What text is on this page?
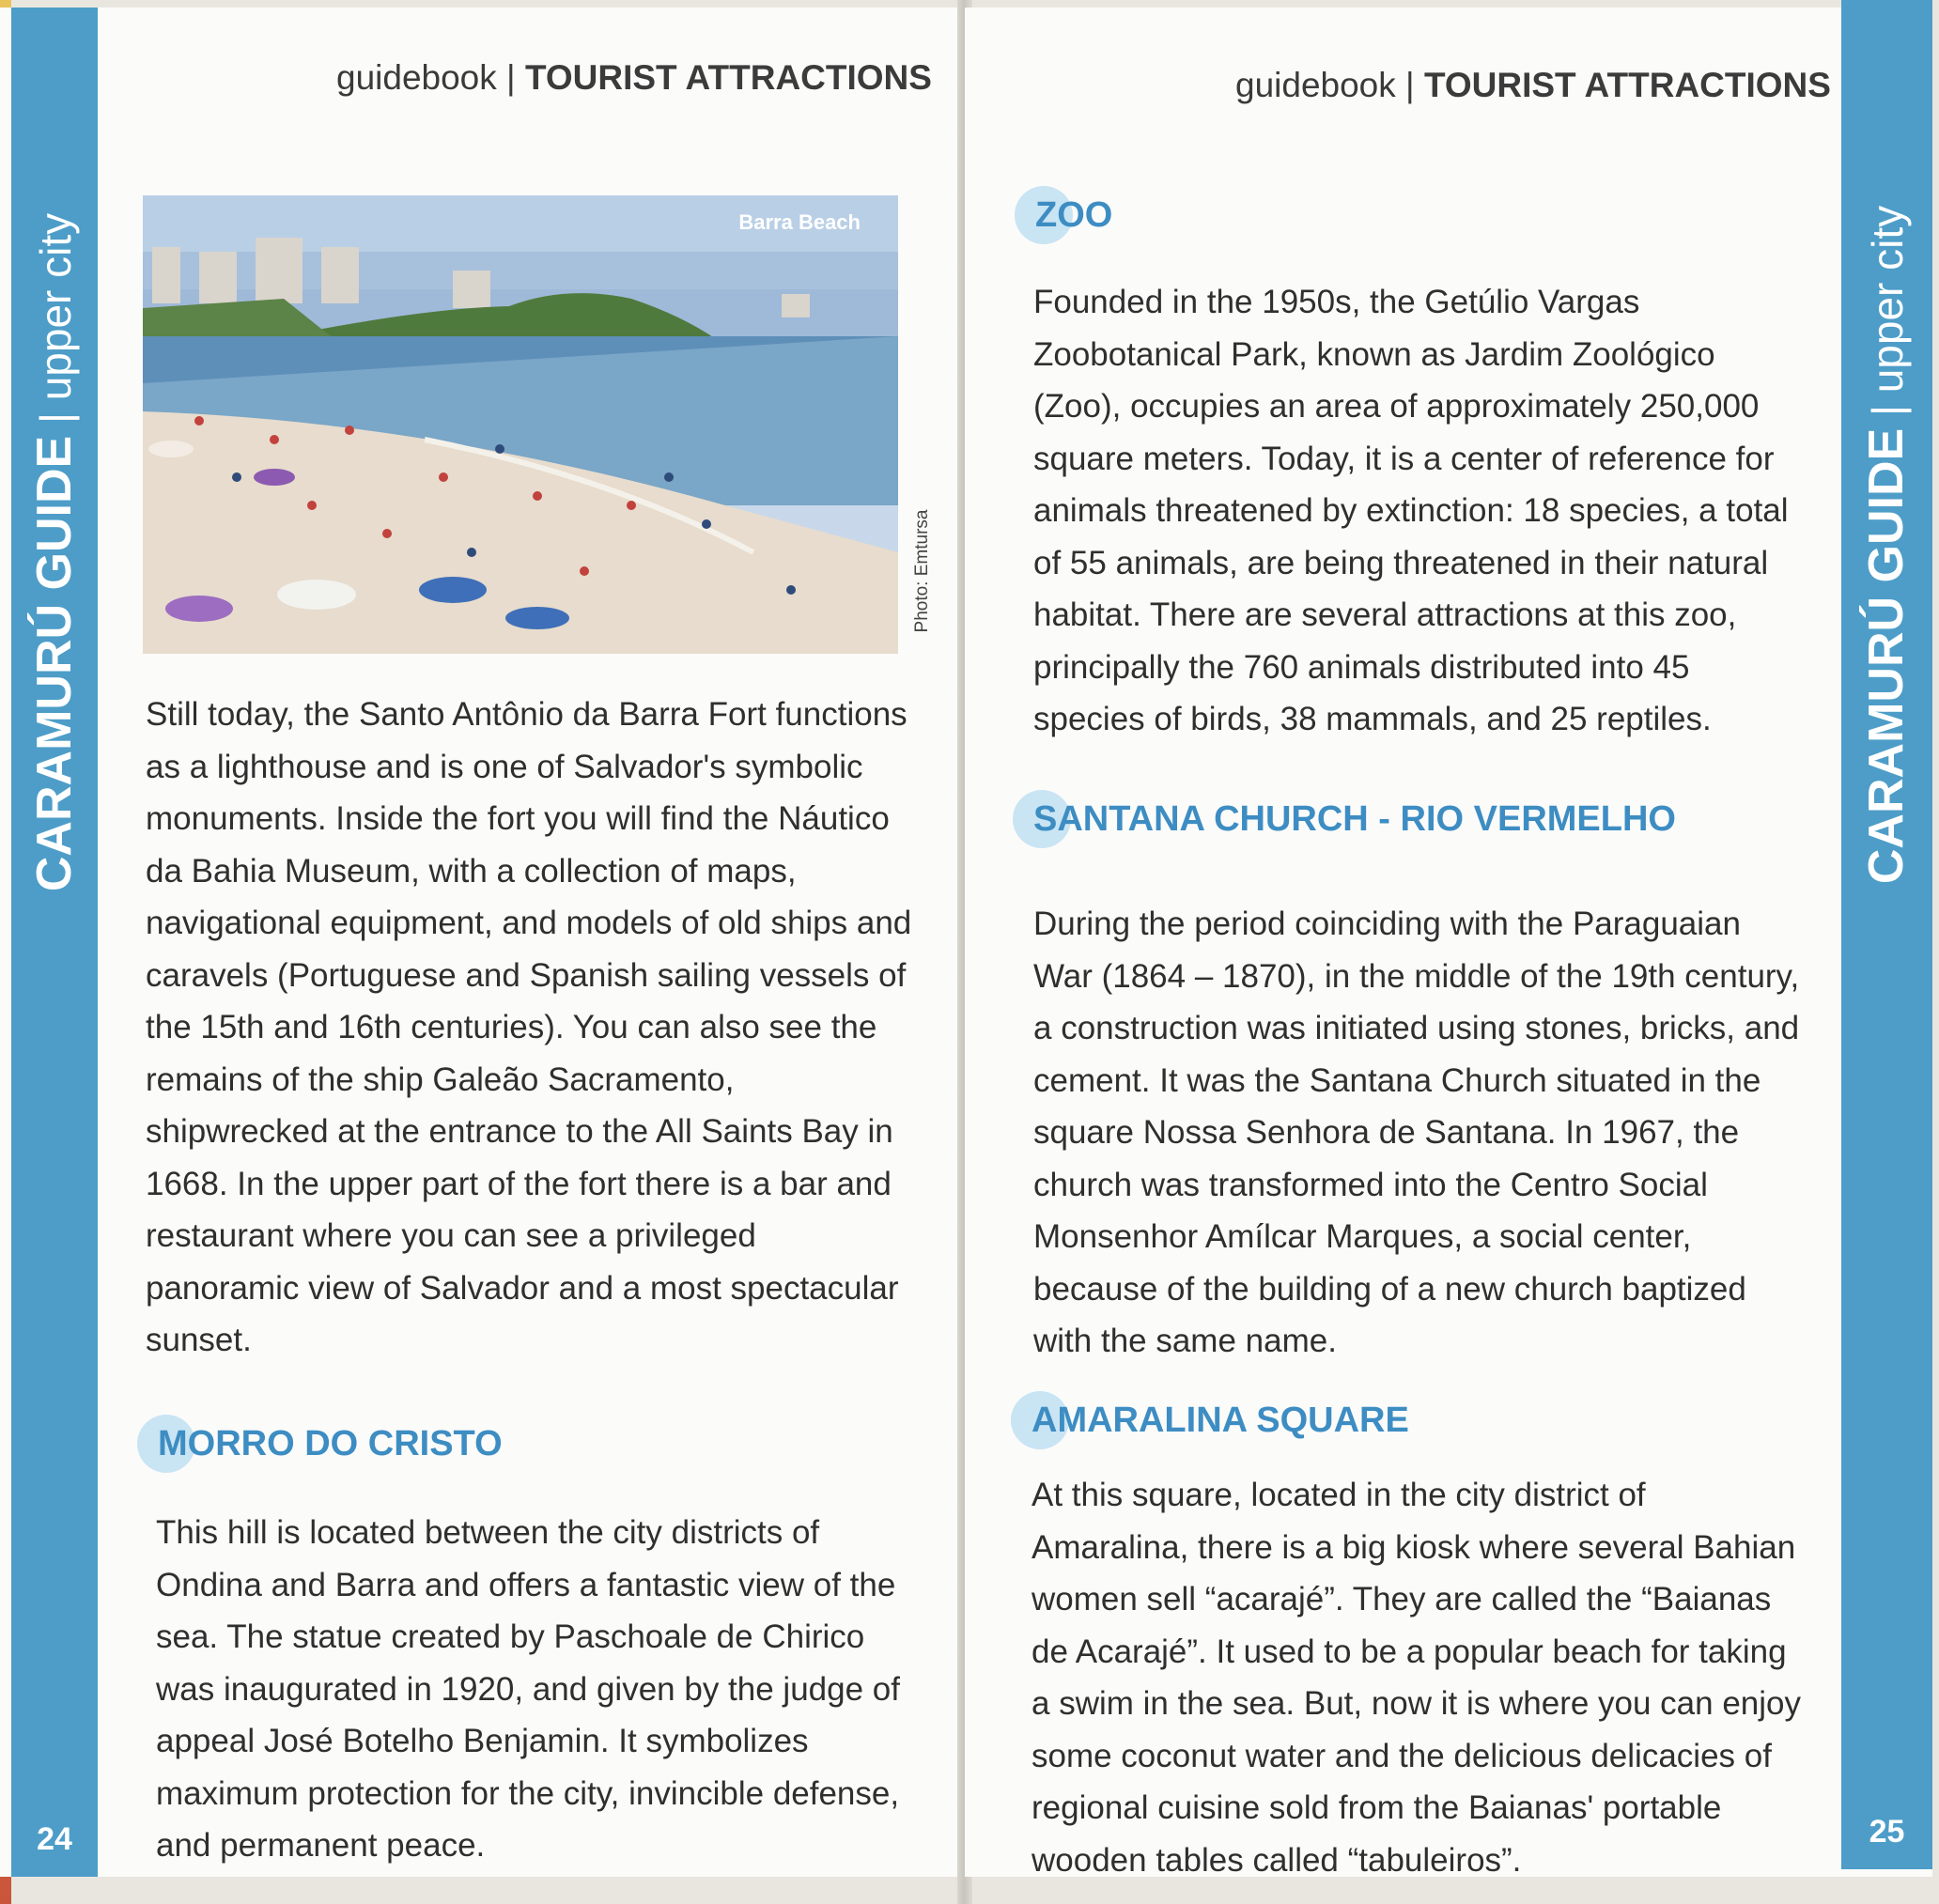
CARAMURÚ GUIDE | upper city
24
guidebook | TOURIST ATTRACTIONS
Barra Beach
Photo: Emtursa

Still today, the Santo Antônio da Barra Fort functions

as a lighthouse and is one of Salvador's symbolic

monuments. Inside the fort you will find the Náutico

da Bahia Museum, with a collection of maps,

navigational equipment, and models of old ships and

caravels (Portuguese and Spanish sailing vessels of

the 15th and 16th centuries). You can also see the

remains of the ship Galeão Sacramento,

shipwrecked at the entrance to the All Saints Bay in

1668. In the upper part of the fort there is a bar and

restaurant where you can see a privileged

panoramic view of Salvador and a most spectacular

sunset.

MORRO DO CRISTO

This hill is located between the city districts of

Ondina and Barra and offers a fantastic view of the

sea. The statue created by Paschoale de Chirico

was inaugurated in 1920, and given by the judge of

appeal José Botelho Benjamin. It symbolizes

maximum protection for the city, invincible defense,

and permanent peace.

guidebook | TOURIST ATTRACTIONS
ZOO

Founded in the 1950s, the Getúlio Vargas

Zoobotanical Park, known as Jardim Zoológico

(Zoo), occupies an area of approximately 250,000

square meters. Today, it is a center of reference for

animals threatened by extinction: 18 species, a total

of 55 animals, are being threatened in their natural

habitat. There are several attractions at this zoo,

principally the 760 animals distributed into 45

species of birds, 38 mammals, and 25 reptiles.

SANTANA CHURCH - RIO VERMELHO

During the period coinciding with the Paraguaian

War (1864 – 1870), in the middle of the 19th century,

a construction was initiated using stones, bricks, and

cement. It was the Santana Church situated in the

square Nossa Senhora de Santana. In 1967, the

church was transformed into the Centro Social

Monsenhor Amílcar Marques, a social center,

because of the building of a new church baptized

with the same name.

AMARALINA SQUARE

At this square, located in the city district of

Amaralina, there is a big kiosk where several Bahian

women sell “acarajé”. They are called the “Baianas

de Acarajé”. It used to be a popular beach for taking

a swim in the sea. But, now it is where you can enjoy

some coconut water and the delicious delicacies of

regional cuisine sold from the Baianas' portable

wooden tables called “tabuleiros”.

CARAMURÚ GUIDE | upper city
25
